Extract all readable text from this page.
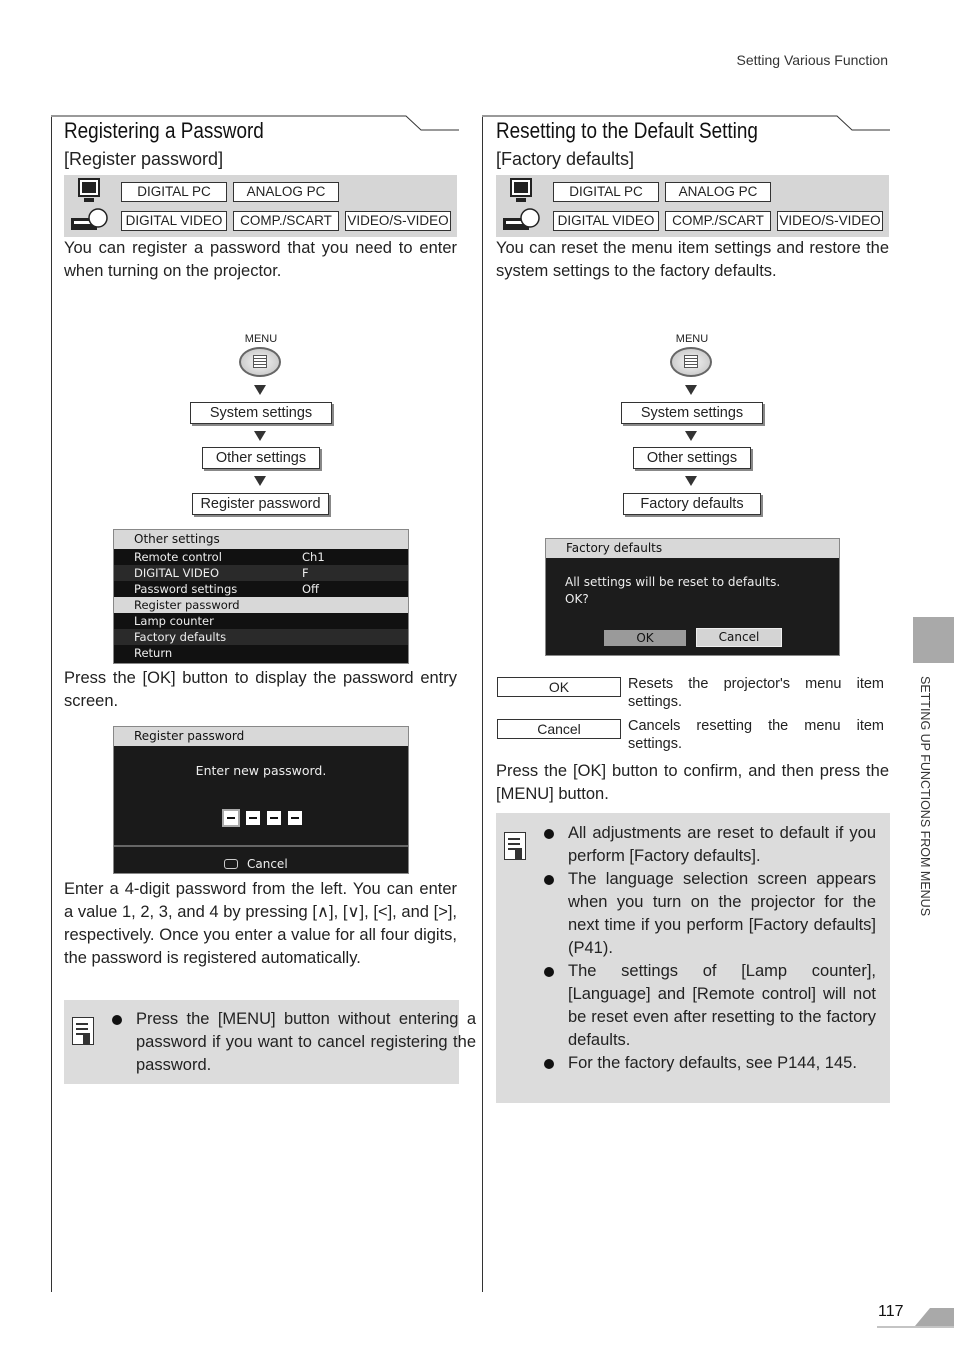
Setting Various Function
Registering a Password
[Register password]
DIGITAL PC	ANALOG PC
DIGITAL VIDEO	COMP./SCART	VIDEO/S-VIDEO
You can register a password that you need to enter when turning on the projector.
MENU
System settings
Other settings
Register password
Other settings
Remote control	Ch1
DIGITAL VIDEO	F
Password settings	Off
Register password
Lamp counter
Factory defaults
Return
Press the [OK] button to display the password entry screen.
Register password
Enter new password.
Cancel
Enter a 4-digit password from the left. You can enter a value 1, 2, 3, and 4 by pressing [∧], [∨], [<], and [>], respectively. Once you enter a value for all four digits, the password is registered automatically.
Press the [MENU] button without entering a password if you want to cancel registering the password.
Resetting to the Default Setting
[Factory defaults]
DIGITAL PC	ANALOG PC
DIGITAL VIDEO	COMP./SCART	VIDEO/S-VIDEO
You can reset the menu item settings and restore the system settings to the factory defaults.
MENU
System settings
Other settings
Factory defaults
Factory defaults
All settings will be reset to defaults.
OK?
OK	Cancel
OK	Resets the projector's menu item settings.
Cancel	Cancels resetting the menu item settings.
Press the [OK] button to confirm, and then press the [MENU] button.
All adjustments are reset to default if you perform [Factory defaults].
The language selection screen appears when you turn on the projector for the next time if you perform [Factory defaults] (P41).
The settings of [Lamp counter], [Language] and [Remote control] will not be reset even after resetting to the factory defaults.
For the factory defaults, see P144, 145.
SETTING UP FUNCTIONS FROM MENUS
117
